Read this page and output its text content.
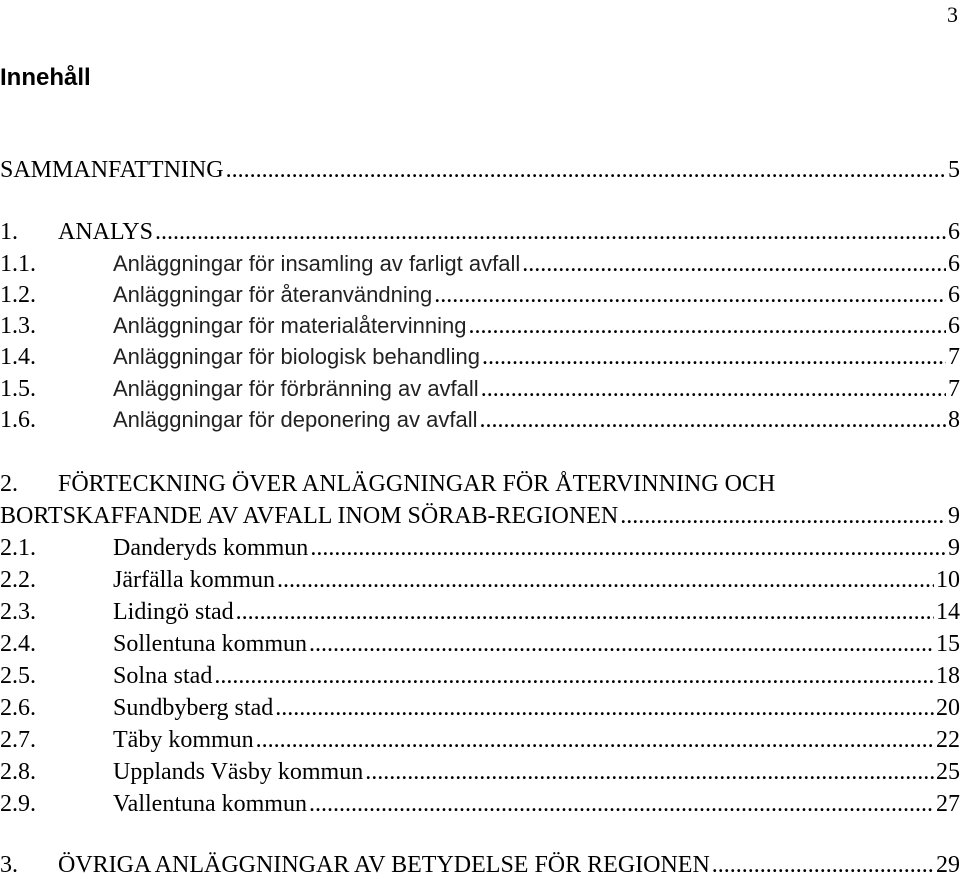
3
Innehåll
SAMMANFATTNING .....	5
1.	ANALYS .....	6
1.1.	Anläggningar för insamling av farligt avfall .....	6
1.2.	Anläggningar för återanvändning .....	6
1.3.	Anläggningar för materialåtervinning .....	6
1.4.	Anläggningar för biologisk behandling .....	7
1.5.	Anläggningar för förbränning av avfall .....	7
1.6.	Anläggningar för deponering av avfall .....	8
2.	FÖRTECKNING ÖVER ANLÄGGNINGAR FÖR ÅTERVINNING OCH
BORTSKAFFANDE AV AVFALL INOM SÖRAB-REGIONEN .....	9
2.1.	Danderyds kommun .....	9
2.2.	Järfälla kommun .....	10
2.3.	Lidingö stad .....	14
2.4.	Sollentuna kommun .....	15
2.5.	Solna stad .....	18
2.6.	Sundbyberg stad .....	20
2.7.	Täby kommun .....	22
2.8.	Upplands Väsby kommun .....	25
2.9.	Vallentuna kommun .....	27
3.	ÖVRIGA ANLÄGGNINGAR AV BETYDELSE FÖR REGIONEN .....	29
